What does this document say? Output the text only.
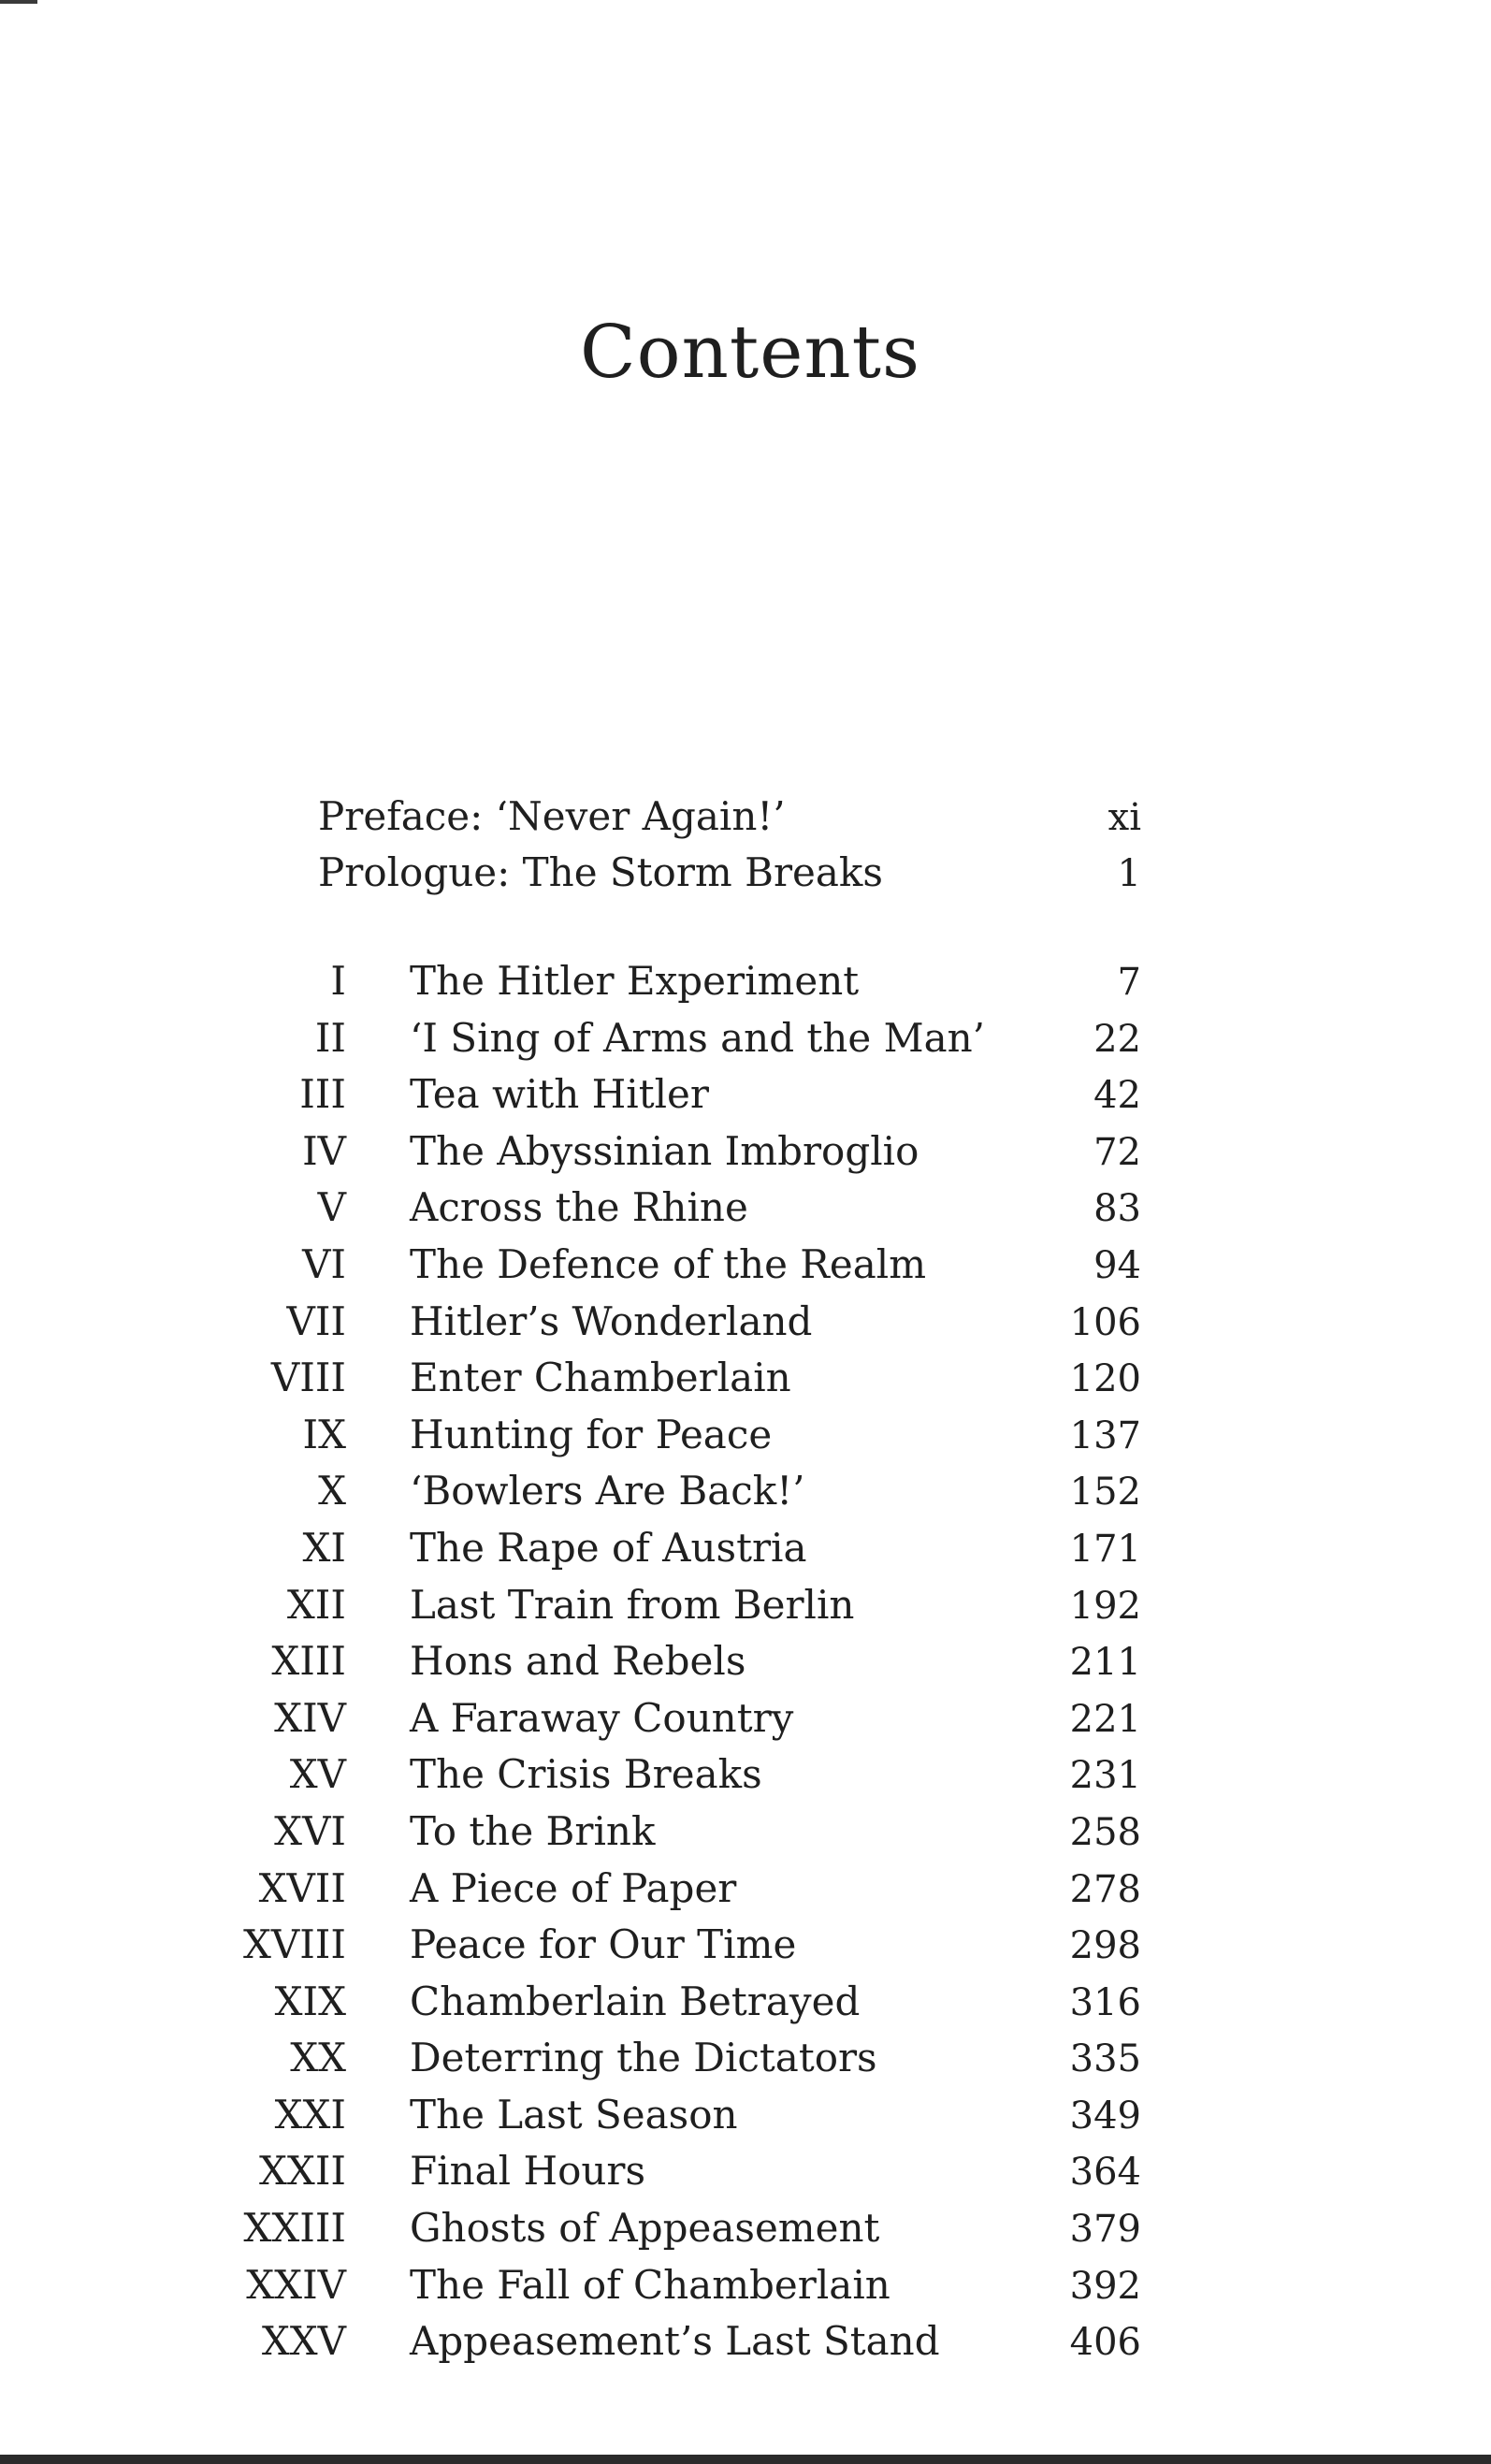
Contents
Preface: ‘Never Again!’	xi
Prologue: The Storm Breaks	1
I	The Hitler Experiment	7
II	‘I Sing of Arms and the Man’	22
III	Tea with Hitler	42
IV	The Abyssinian Imbroglio	72
V	Across the Rhine	83
VI	The Defence of the Realm	94
VII	Hitler’s Wonderland	106
VIII	Enter Chamberlain	120
IX	Hunting for Peace	137
X	‘Bowlers Are Back!’	152
XI	The Rape of Austria	171
XII	Last Train from Berlin	192
XIII	Hons and Rebels	211
XIV	A Faraway Country	221
XV	The Crisis Breaks	231
XVI	To the Brink	258
XVII	A Piece of Paper	278
XVIII	Peace for Our Time	298
XIX	Chamberlain Betrayed	316
XX	Deterring the Dictators	335
XXI	The Last Season	349
XXII	Final Hours	364
XXIII	Ghosts of Appeasement	379
XXIV	The Fall of Chamberlain	392
XXV	Appeasement’s Last Stand	406
